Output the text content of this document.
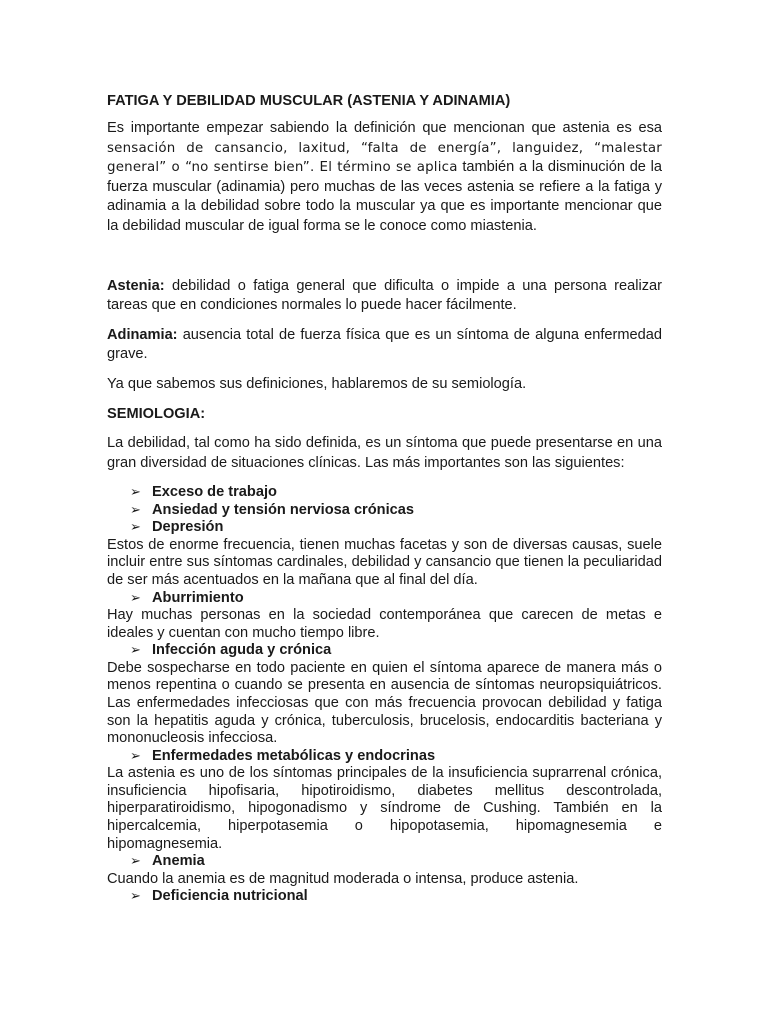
FATIGA Y DEBILIDAD MUSCULAR (ASTENIA Y ADINAMIA)

Es importante empezar sabiendo la definición que mencionan que astenia es esa sensación de cansancio, laxitud, “falta de energía”, languidez, “malestar general” o “no sentirse bien”. El término se aplica también a la disminución de la fuerza muscular (adinamia) pero muchas de las veces astenia se refiere a la fatiga y adinamia a la debilidad sobre todo la muscular ya que es importante mencionar que la debilidad muscular de igual forma se le conoce como miastenia.

Astenia: debilidad o fatiga general que dificulta o impide a una persona realizar tareas que en condiciones normales lo puede hacer fácilmente.

Adinamia: ausencia total de fuerza física que es un síntoma de alguna enfermedad grave.

Ya que sabemos sus definiciones, hablaremos de su semiología.

SEMIOLOGIA:

La debilidad, tal como ha sido definida, es un síntoma que puede presentarse en una gran diversidad de situaciones clínicas. Las más importantes son las siguientes:

➢ Exceso de trabajo
➢ Ansiedad y tensión nerviosa crónicas
➢ Depresión

Estos de enorme frecuencia, tienen muchas facetas y son de diversas causas, suele incluir entre sus síntomas cardinales, debilidad y cansancio que tienen la peculiaridad de ser más acentuados en la mañana que al final del día.

➢ Aburrimiento

Hay muchas personas en la sociedad contemporánea que carecen de metas e ideales y cuentan con mucho tiempo libre.

➢ Infección aguda y crónica

Debe sospecharse en todo paciente en quien el síntoma aparece de manera más o menos repentina o cuando se presenta en ausencia de síntomas neuropsiquiátricos. Las enfermedades infecciosas que con más frecuencia provocan debilidad y fatiga son la hepatitis aguda y crónica, tuberculosis, brucelosis, endocarditis bacteriana y mononucleosis infecciosa.

➢ Enfermedades metabólicas y endocrinas

La astenia es uno de los síntomas principales de la insuficiencia suprarrenal crónica, insuficiencia hipofisaria, hipotiroidismo, diabetes mellitus descontrolada, hiperparatiroidismo, hipogonadismo y síndrome de Cushing. También en la hipercalcemia, hiperpotasemia o hipopotasemia, hipomagnesemia e hipomagnesemia.

➢ Anemia

Cuando la anemia es de magnitud moderada o intensa, produce astenia.

➢ Deficiencia nutricional
